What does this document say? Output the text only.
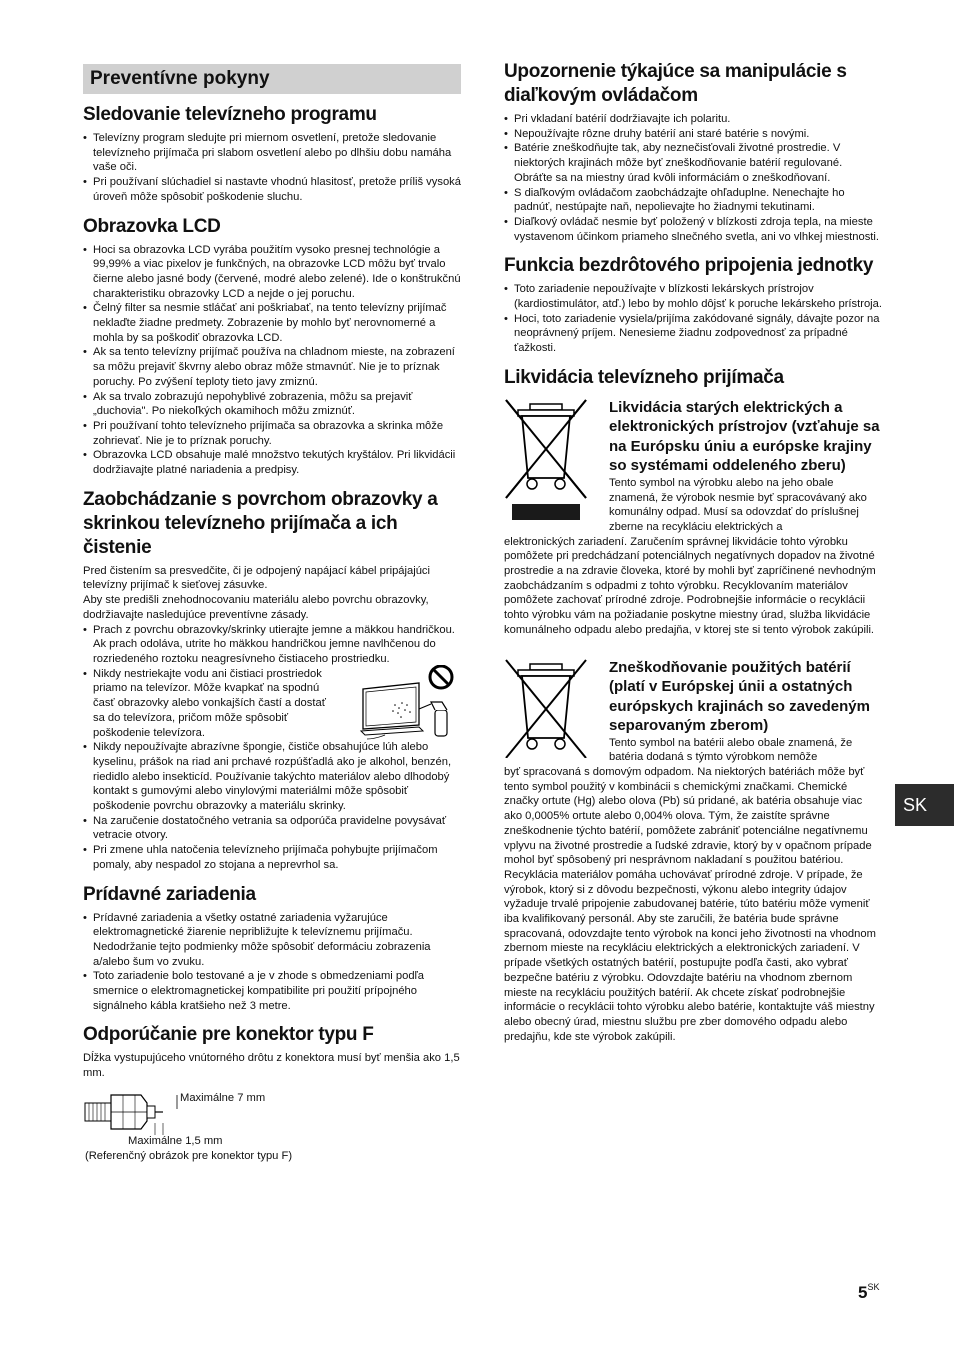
Preventívne pokyny
Sledovanie televízneho programu
• Televízny program sledujte pri miernom osvetlení, pretože sledovanie televízneho prijímača pri slabom osvetlení alebo po dlhšiu dobu namáha vaše oči.
• Pri používaní slúchadiel si nastavte vhodnú hlasitosť, pretože príliš vysoká úroveň môže spôsobiť poškodenie sluchu.
Obrazovka LCD
• Hoci sa obrazovka LCD vyrába použitím vysoko presnej technológie a 99,99% a viac pixelov je funkčných, na obrazovke LCD môžu byť trvalo čierne alebo jasné body (červené, modré alebo zelené). Ide o konštrukčnú charakteristiku obrazovky LCD a nejde o jej poruchu.
• Čelný filter sa nesmie stláčať ani poškriabať, na tento televízny prijímač neklaďte žiadne predmety. Zobrazenie by mohlo byť nerovnomerné a mohla by sa poškodiť obrazovka LCD.
• Ak sa tento televízny prijímač používa na chladnom mieste, na zobrazení sa môžu prejaviť škvrny alebo obraz môže stmavnúť. Nie je to príznak poruchy. Po zvýšení teploty tieto javy zmiznú.
• Ak sa trvalo zobrazujú nepohyblivé zobrazenia, môžu sa prejaviť „duchovia". Po niekoľkých okamihoch môžu zmiznúť.
• Pri používaní tohto televízneho prijímača sa obrazovka a skrinka môže zohrievať. Nie je to príznak poruchy.
• Obrazovka LCD obsahuje malé množstvo tekutých kryštálov. Pri likvidácii dodržiavajte platné nariadenia a predpisy.
Zaobchádzanie s povrchom obrazovky a skrinkou televízneho prijímača a ich čistenie

Pred čistením sa presvedčite, či je odpojený napájací kábel pripájajúci televízny prijímač k sieťovej zásuvke.

Aby ste predišli znehodnocovaniu materiálu alebo povrchu obrazovky, dodržiavajte nasledujúce preventívne zásady.

• Prach z povrchu obrazovky/skrinky utierajte jemne a mäkkou handričkou. Ak prach odoláva, utrite ho mäkkou handričkou jemne navlhčenou do rozriedeného roztoku neagresívneho čistiaceho prostriedku.
• Nikdy nestriekajte vodu ani čistiaci prostriedok priamo na televízor. Môže kvapkať na spodnú časť obrazovky alebo vonkajších častí a dostať sa do televízora, pričom môže spôsobiť poškodenie televízora.
• Nikdy nepoužívajte abrazívne špongie, čističe obsahujúce lúh alebo kyselinu, prášok na riad ani prchavé rozpúšťadlá ako je alkohol, benzén, riedidlo alebo insekticíd. Používanie takýchto materiálov alebo dlhodobý kontakt s gumovými alebo vinylovými materiálmi môže spôsobiť poškodenie povrchu obrazovky a materiálu skrinky.
• Na zaručenie dostatočného vetrania sa odporúča pravidelne povysávať vetracie otvory.
• Pri zmene uhla natočenia televízneho prijímača pohybujte prijímačom pomaly, aby nespadol zo stojana a neprevrhol sa.
Prídavné zariadenia
• Prídavné zariadenia a všetky ostatné zariadenia vyžarujúce elektromagnetické žiarenie nepribližujte k televíznemu prijímaču. Nedodržanie tejto podmienky môže spôsobiť deformáciu zobrazenia a/alebo šum vo zvuku.
• Toto zariadenie bolo testované a je v zhode s obmedzeniami podľa smernice o elektromagnetickej kompatibilite pri použití prípojného signálneho kábla kratšieho než 3 metre.
Odporúčanie pre konektor typu F

Dĺžka vystupujúceho vnútorného drôtu z konektora musí byť menšia ako 1,5 mm.

Maximálne 7 mm
Maximálne 1,5 mm
(Referenčný obrázok pre konektor typu F)
Upozornenie týkajúce sa manipulácie s diaľkovým ovládačom
• Pri vkladaní batérií dodržiavajte ich polaritu.
• Nepoužívajte rôzne druhy batérií ani staré batérie s novými.
• Batérie zneškodňujte tak, aby neznečisťovali životné prostredie. V niektorých krajinách môže byť zneškodňovanie batérií regulované. Obráťte sa na miestny úrad kvôli informáciám o zneškodňovaní.
• S diaľkovým ovládačom zaobchádzajte ohľaduplne. Nenechajte ho padnúť, nestúpajte naň, nepolievajte ho žiadnymi tekutinami.
• Diaľkový ovládač nesmie byť položený v blízkosti zdroja tepla, na mieste vystavenom účinkom priameho slnečného svetla, ani vo vlhkej miestnosti.
Funkcia bezdrôtového pripojenia jednotky
• Toto zariadenie nepoužívajte v blízkosti lekárskych prístrojov (kardiostimulátor, atď.) lebo by mohlo dôjsť k poruche lekárskeho prístroja.
• Hoci, toto zariadenie vysiela/prijíma zakódované signály, dávajte pozor na neoprávnený príjem. Nenesieme žiadnu zodpovednosť za prípadné ťažkosti.
Likvidácia televízneho prijímača
Likvidácia starých elektrických a elektronických prístrojov (vzťahuje sa na Európsku úniu a európske krajiny so systémami oddeleného zberu)

Tento symbol na výrobku alebo na jeho obale znamená, že výrobok nesmie byť spracovávaný ako komunálny odpad. Musí sa odovzdať do príslušnej zberne na recykláciu elektrických a

elektronických zariadení. Zaručením správnej likvidácie tohto výrobku pomôžete pri predchádzaní potenciálnych negatívnych dopadov na životné prostredie a na zdravie človeka, ktoré by mohli byť zapríčinené nevhodným zaobchádzaním s odpadmi z tohto výrobku. Recyklovaním materiálov pomôžete zachovať prírodné zdroje. Podrobnejšie informácie o recyklácii tohto výrobku vám na požiadanie poskytne miestny úrad, služba likvidácie komunálneho odpadu alebo predajňa, v ktorej ste si tento výrobok zakúpili.

Zneškodňovanie použitých batérií (platí v Európskej únii a ostatných európskych krajinách so zavedeným separovaným zberom)

Tento symbol na batérii alebo obale znamená, že batéria dodaná s týmto výrobkom nemôže

byť spracovaná s domovým odpadom. Na niektorých batériách môže byť tento symbol použitý v kombinácii s chemickými značkami. Chemické značky ortute (Hg) alebo olova (Pb) sú pridané, ak batéria obsahuje viac ako 0,0005% ortute alebo 0,004% olova. Tým, že zaistíte správne zneškodnenie týchto batérií, pomôžete zabrániť potenciálne negatívnemu vplyvu na životné prostredie a ľudské zdravie, ktorý by v opačnom prípade mohol byť spôsobený pri nesprávnom nakladaní s použitou batériou. Recyklácia materiálov pomáha uchovávať prírodné zdroje. V prípade, že výrobok, ktorý si z dôvodu bezpečnosti, výkonu alebo integrity údajov vyžaduje trvalé pripojenie zabudovanej batérie, túto batériu môže vymeniť iba kvalifikovaný personál. Aby ste zaručili, že batéria bude správne spracovaná, odovzdajte tento výrobok na konci jeho životnosti na vhodnom zbernom mieste na recykláciu elektrických a elektronických zariadení. V prípade všetkých ostatných batérií, postupujte podľa časti, ako vybrať bezpečne batériu z výrobku. Odovzdajte batériu na vhodnom zbernom mieste na recykláciu použitých batérií. Ak chcete získať podrobnejšie informácie o recyklácii tohto výrobku alebo batérie, kontaktujte váš miestny alebo obecný úrad, miestnu službu pre zber domového odpadu alebo predajňu, kde ste výrobok zakúpili.

SK
$5^{SK}$
